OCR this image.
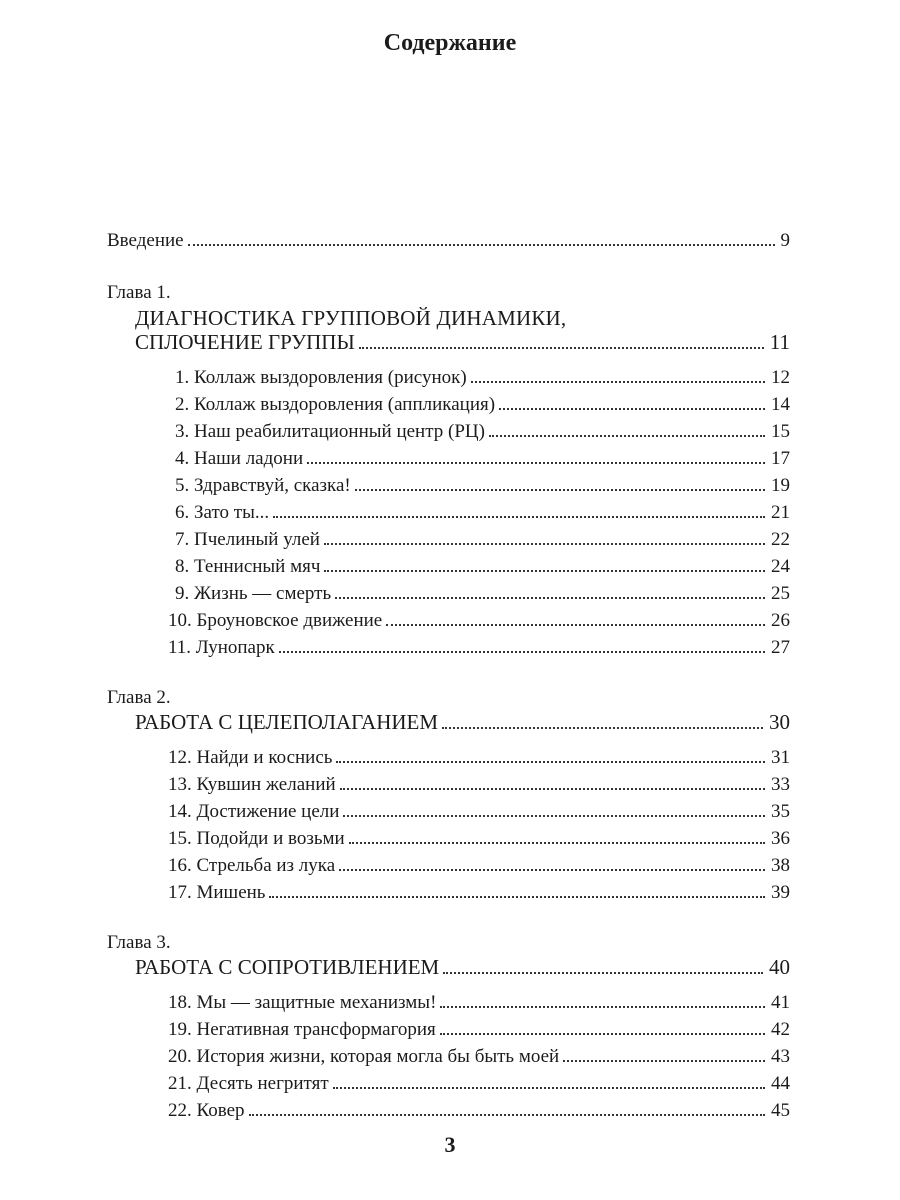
Содержание
Введение	9
Глава 1.
ДИАГНОСТИКА ГРУППОВОЙ ДИНАМИКИ,
СПЛОЧЕНИЕ ГРУППЫ	11
1. Коллаж выздоровления (рисунок)	12
2. Коллаж выздоровления (аппликация)	14
3. Наш реабилитационный центр (РЦ)	15
4. Наши ладони	17
5. Здравствуй, сказка!	19
6. Зато ты...	21
7. Пчелиный улей	22
8. Теннисный мяч	24
9. Жизнь — смерть	25
10. Броуновское движение	26
11. Лунопарк	27
Глава 2.
РАБОТА С ЦЕЛЕПОЛАГАНИЕМ	30
12. Найди и коснись	31
13. Кувшин желаний	33
14. Достижение цели	35
15. Подойди и возьми	36
16. Стрельба из лука	38
17. Мишень	39
Глава 3.
РАБОТА С СОПРОТИВЛЕНИЕМ	40
18. Мы — защитные механизмы!	41
19. Негативная трансформагория	42
20. История жизни, которая могла бы быть моей	43
21. Десять негритят	44
22. Ковер	45
3
